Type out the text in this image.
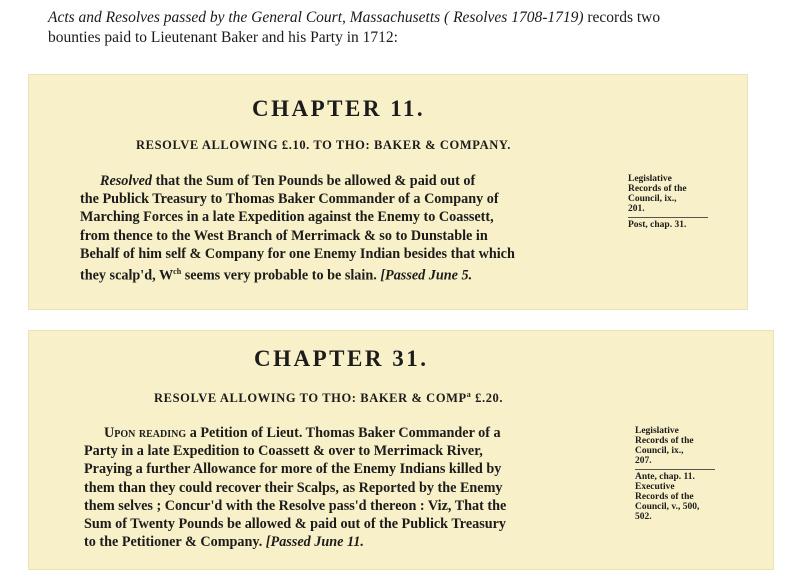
Acts and Resolves passed by the General Court, Massachusetts ( Resolves 1708-1719) records two
bounties paid to Lieutenant Baker and his Party in 1712:
CHAPTER 11.
RESOLVE ALLOWING £.10. TO THO: BAKER & COMPANY.
Resolved that the Sum of Ten Pounds be allowed & paid out of
the Publick Treasury to Thomas Baker Commander of a Company of
Marching Forces in a late Expedition against the Enemy to Coassett,
from thence to the West Branch of Merrimack & so to Dunstable in
Behalf of him self & Company for one Enemy Indian besides that which
they scalp'd, $W^{ch}$ seems very probable to be slain. [Passed June 5.
Legislative
Records of the
Council, ix.,
201.
Post, chap. 31.
CHAPTER 31.
RESOLVE ALLOWING TO THO: BAKER & COMP$^a$ £.20.
Upon reading a Petition of Lieut. Thomas Baker Commander of a
Party in a late Expedition to Coassett & over to Merrimack River,
Praying a further Allowance for more of the Enemy Indians killed by
them than they could recover their Scalps, as Reported by the Enemy
them selves ; Concur'd with the Resolve pass'd thereon : Viz, That the
Sum of Twenty Pounds be allowed & paid out of the Publick Treasury
to the Petitioner & Company. [Passed June 11.
Legislative
Records of the
Council, ix.,
207.
Ante, chap. 11.
Executive
Records of the
Council, v., 500,
502.
